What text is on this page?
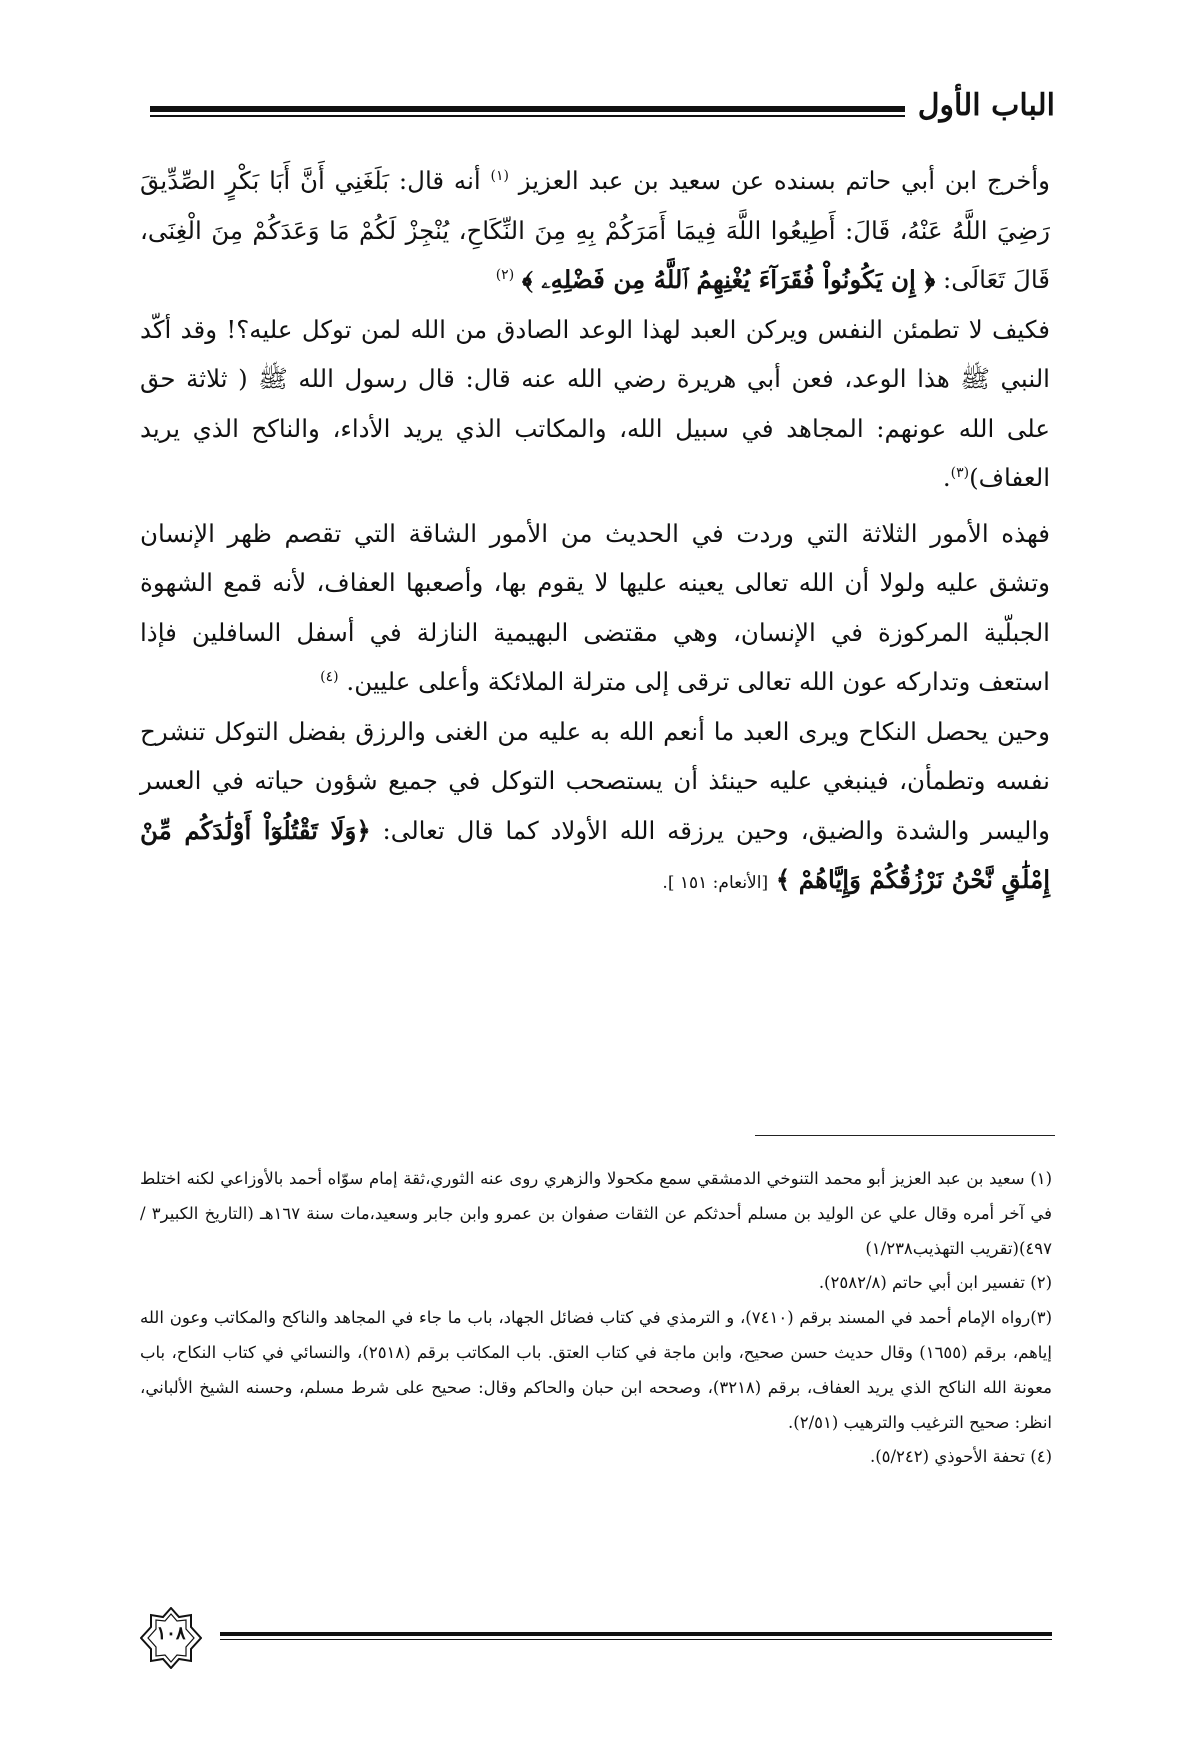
الباب الأول

وأخرج ابن أبي حاتم بسنده عن سعيد بن عبد العزيز $^{(١)}$ أنه قال: بَلَغَنِي أَنَّ أَبَا بَكْرٍ الصِّدِّيقَ رَضِيَ اللَّهُ عَنْهُ، قَالَ: أَطِيعُوا اللَّهَ فِيمَا أَمَرَكُمْ بِهِ مِنَ النِّكَاحِ، يُنْجِزْ لَكُمْ مَا وَعَدَكُمْ مِنَ الْغِنَى، قَالَ تَعَالَى: ﴿ إِن يَكُونُواْ فُقَرَآءَ يُغْنِهِمُ ٱللَّهُ مِن فَضْلِهِۦ ﴾ $^{(٢)}$

فكيف لا تطمئن النفس ويركن العبد لهذا الوعد الصادق من الله لمن توكل عليه؟! وقد أكّد النبي ﷺ هذا الوعد، فعن أبي هريرة رضي الله عنه قال: قال رسول الله ﷺ ( ثلاثة حق على الله عونهم: المجاهد في سبيل الله، والمكاتب الذي يريد الأداء، والناكح الذي يريد العفاف)$^{(٣)}$.

فهذه الأمور الثلاثة التي وردت في الحديث من الأمور الشاقة التي تقصم ظهر الإنسان وتشق عليه ولولا أن الله تعالى يعينه عليها لا يقوم بها، وأصعبها العفاف، لأنه قمع الشهوة الجبلّية المركوزة في الإنسان، وهي مقتضى البهيمية النازلة في أسفل السافلين فإذا استعف وتداركه عون الله تعالى ترقى إلى مترلة الملائكة وأعلى عليين. $^{(٤)}$

وحين يحصل النكاح ويرى العبد ما أنعم الله به عليه من الغنى والرزق بفضل التوكل تنشرح نفسه وتطمأن، فينبغي عليه حينئذ أن يستصحب التوكل في جميع شؤون حياته في العسر واليسر والشدة والضيق، وحين يرزقه الله الأولاد كما قال تعالى: ﴿وَلَا تَقْتُلُوٓاْ أَوْلَٰدَكُم مِّنْ إِمْلَٰقٍ نَّحْنُ نَرْزُقُكُمْ وَإِيَّاهُمْ ﴾ [الأنعام: ١٥١ ].

(١) سعيد بن عبد العزيز أبو محمد التنوخي الدمشقي سمع مكحولا والزهري روى عنه الثوري،ثقة إمام سوّاه أحمد بالأوزاعي لكنه اختلط في آخر أمره وقال علي عن الوليد بن مسلم أحدثكم عن الثقات صفوان بن عمرو وابن جابر وسعيد،مات سنة ١٦٧هـ (التاريخ الكبير٣ /٤٩٧)(تقريب التهذيب١/٢٣٨)

(٢) تفسير ابن أبي حاتم (٢٥٨٢/٨).

(٣)رواه الإمام أحمد في المسند برقم (٧٤١٠)، و الترمذي في كتاب فضائل الجهاد، باب ما جاء في المجاهد والناكح والمكاتب وعون الله إياهم، برقم (١٦٥٥) وقال حديث حسن صحيح، وابن ماجة في كتاب العتق. باب المكاتب برقم (٢٥١٨)، والنسائي في كتاب النكاح، باب معونة الله الناكح الذي يريد العفاف، برقم (٣٢١٨)، وصححه ابن حبان والحاكم وقال: صحيح على شرط مسلم، وحسنه الشيخ الألباني، انظر: صحيح الترغيب والترهيب (٢/٥١).

(٤) تحفة الأحوذي (٥/٢٤٢).

١٠٨
